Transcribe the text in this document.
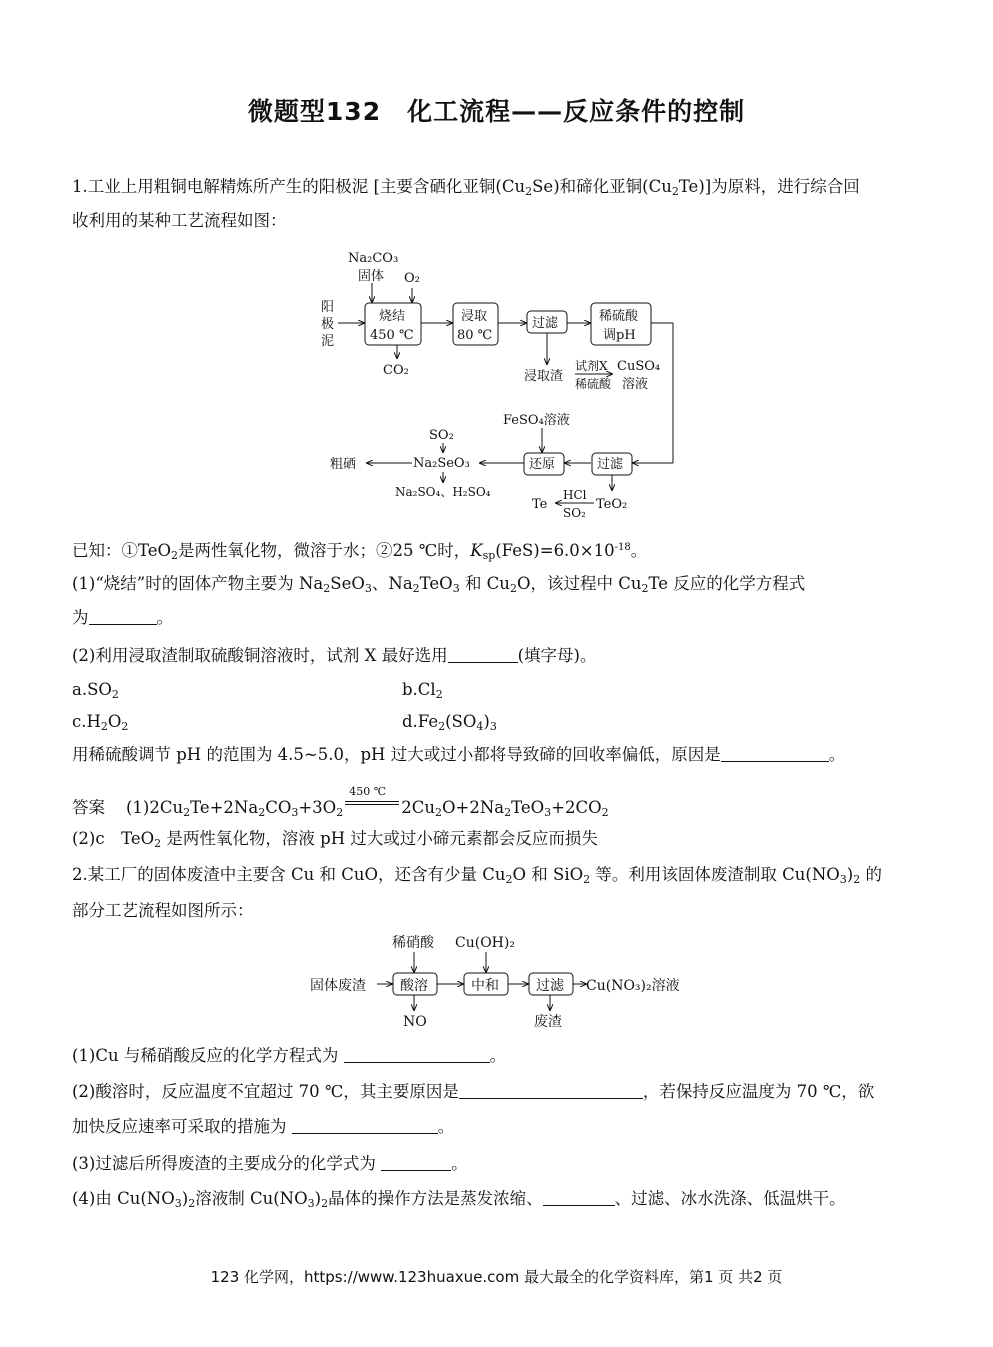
微题型132　化工流程——反应条件的控制
1.工业上用粗铜电解精炼所产生的阳极泥 [主要含硒化亚铜$(Cu_2Se)$和碲化亚铜$(Cu_2Te)$]为原料，进行综合回
收利用的某种工艺流程如图：
Na₂CO₃
固体 O₂
阳
极
泥
烧结
450 ℃
浸取
80 ℃
过滤	稀硫酸
调pH
CO₂	浸取渣
试剂X
稀硫酸
CuSO₄
溶液
FeSO₄溶液
SO₂
Na₂SeO₃
粗硒
Na₂SO₄、H₂SO₄
还原	过滤
Te
HCl
SO₂
TeO₂
已知：①TeO$_2$是两性氧化物，微溶于水；②25 ℃时，$K_{sp}(FeS)=6.0\times 10^{-18}$。
(1)“烧结”时的固体产物主要为 $Na_2SeO_3$、$Na_2TeO_3$ 和 $Cu_2O$，该过程中 $Cu_2Te$ 反应的化学方程式
为	。
(2)利用浸取渣制取硫酸铜溶液时，试剂 X 最好选用	(填字母)。
$a.SO_2$	$b.Cl_2$
$c.H_2O_2$	$d.Fe_2(SO_4)_3$
用稀硫酸调节 pH 的范围为 4.5~5.0，pH 过大或过小都将导致碲的回收率偏低，原因是	。
答案 $(1)2Cu_2Te+2Na_2CO_3+3O_2$
450 ℃
$2Cu_2O+2Na_2TeO_3+2CO_2$
(2)c　TeO$_2$ 是两性氧化物，溶液 pH 过大或过小碲元素都会反应而损失
2.某工厂的固体废渣中主要含 Cu 和 CuO，还含有少量 $Cu_2O$ 和 SiO$_2$ 等。利用该固体废渣制取 $Cu(NO_3)_2$ 的
部分工艺流程如图所示：
稀硝酸 Cu(OH)₂
固体废渣 酸溶	中和	过滤 Cu(NO₃)₂溶液
NO	废渣
(1)Cu 与稀硝酸反应的化学方程式为	。
(2)酸溶时，反应温度不宜超过 70 ℃，其主要原因是	，若保持反应温度为 70 ℃，欲
加快反应速率可采取的措施为	。
(3)过滤后所得废渣的主要成分的化学式为	。
(4)由 $Cu(NO_3)_2$溶液制 $Cu(NO_3)_2$晶体的操作方法是蒸发浓缩、	、过滤、冰水洗涤、低温烘干。
123 化学网，https://www.123huaxue.com 最大最全的化学资料库，第1 页 共2 页
